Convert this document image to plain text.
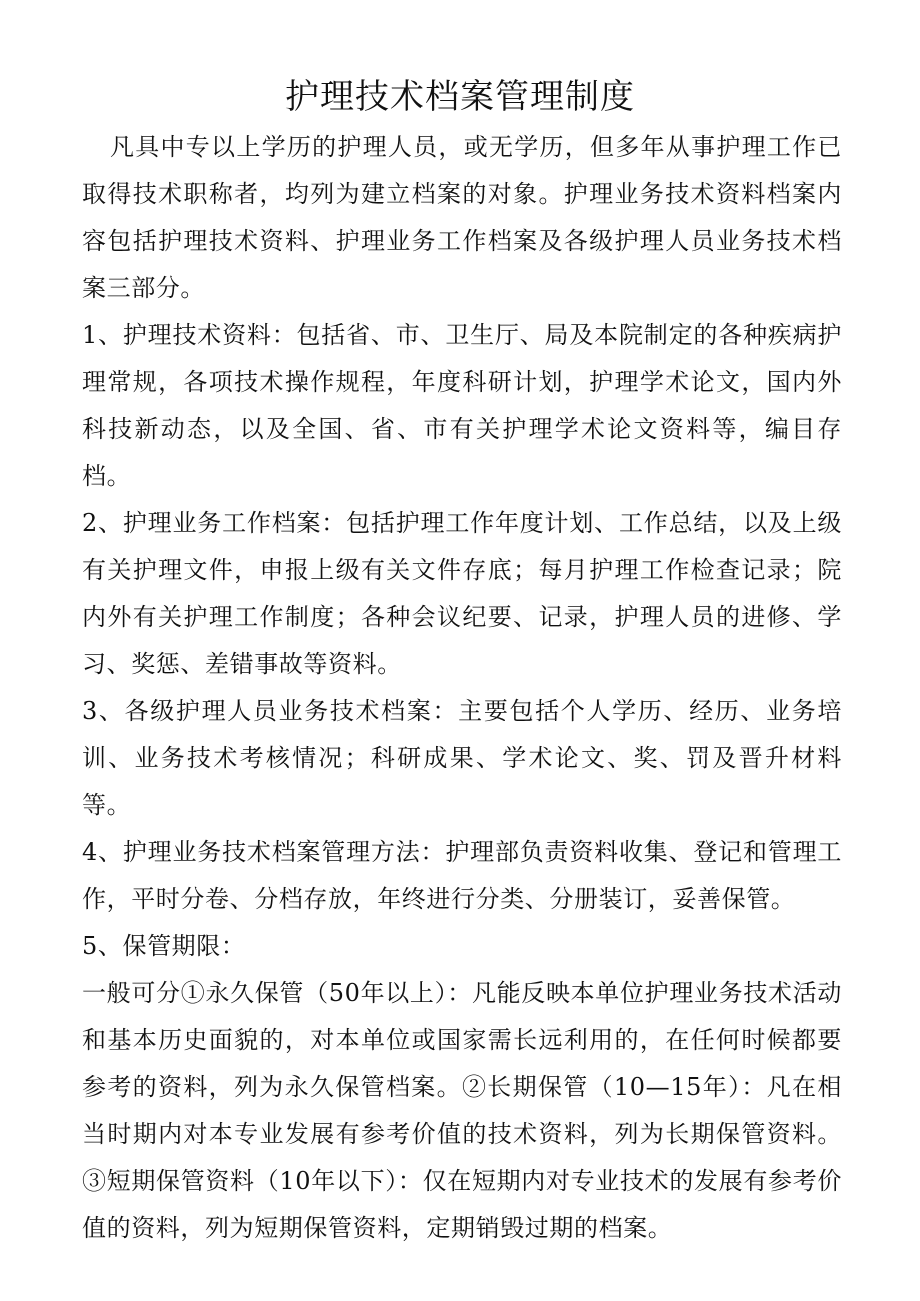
护理技术档案管理制度

凡具中专以上学历的护理人员，或无学历，但多年从事护理工作已取得技术职称者，均列为建立档案的对象。护理业务技术资料档案内容包括护理技术资料、护理业务工作档案及各级护理人员业务技术档案三部分。

1、护理技术资料：包括省、市、卫生厅、局及本院制定的各种疾病护理常规，各项技术操作规程，年度科研计划，护理学术论文，国内外科技新动态，以及全国、省、市有关护理学术论文资料等，编目存档。

2、护理业务工作档案：包括护理工作年度计划、工作总结，以及上级有关护理文件，申报上级有关文件存底；每月护理工作检查记录；院内外有关护理工作制度；各种会议纪要、记录，护理人员的进修、学习、奖惩、差错事故等资料。

3、各级护理人员业务技术档案：主要包括个人学历、经历、业务培训、业务技术考核情况；科研成果、学术论文、奖、罚及晋升材料等。

4、护理业务技术档案管理方法：护理部负责资料收集、登记和管理工作，平时分卷、分档存放，年终进行分类、分册装订，妥善保管。

5、保管期限：

一般可分①永久保管（50年以上）：凡能反映本单位护理业务技术活动和基本历史面貌的，对本单位或国家需长远利用的，在任何时候都要参考的资料，列为永久保管档案。②长期保管（10—15年）：凡在相当时期内对本专业发展有参考价值的技术资料，列为长期保管资料。③短期保管资料（10年以下）：仅在短期内对专业技术的发展有参考价值的资料，列为短期保管资料，定期销毁过期的档案。
